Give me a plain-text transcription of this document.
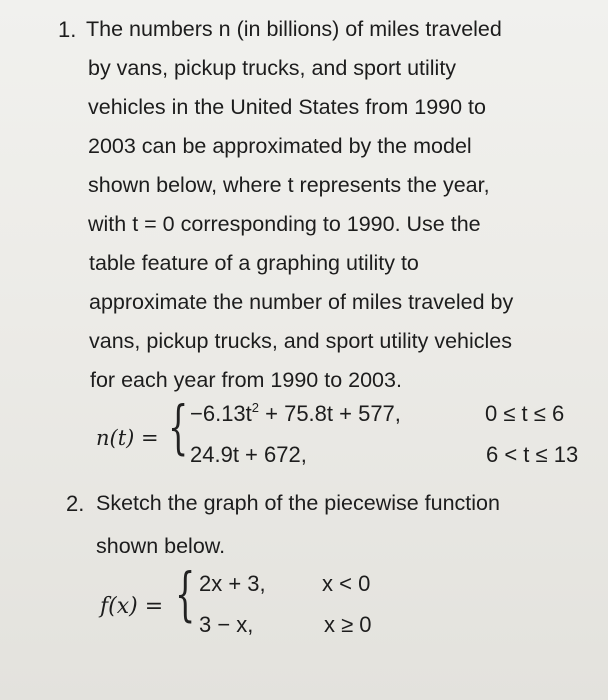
1. The numbers n (in billions) of miles traveled
by vans, pickup trucks, and sport utility
vehicles in the United States from 1990 to
2003 can be approximated by the model
shown below, where t represents the year,
with t = 0 corresponding to 1990. Use the
table feature of a graphing utility to
approximate the number of miles traveled by
vans, pickup trucks, and sport utility vehicles
for each year from 1990 to 2003.
n(t) = { $-6.13t^2 + 75.8t + 577$,	0 ≤ t ≤ 6
24.9t + 672,	6 < t ≤ 13
2. Sketch the graph of the piecewise function
shown below.
f(x) = { 2x + 3,	x < 0
3 − x,	x ≥ 0
